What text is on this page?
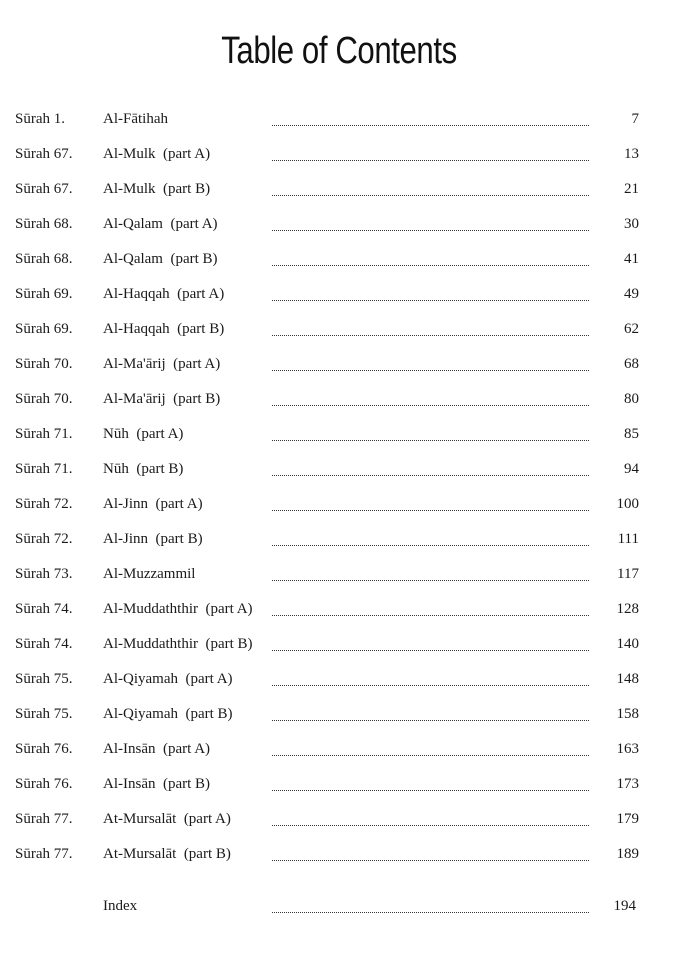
Table of Contents
Sūrah 1.	Al-Fātihah	7
Sūrah 67. Al-Mulk  (part A)	13
Sūrah 67. Al-Mulk  (part B)	21
Sūrah 68. Al-Qalam  (part A)	30
Sūrah 68. Al-Qalam  (part B)	41
Sūrah 69. Al-Haqqah  (part A)	49
Sūrah 69. Al-Haqqah  (part B)	62
Sūrah 70. Al-Ma'ārij  (part A)	68
Sūrah 70. Al-Ma'ārij  (part B)	80
Sūrah 71. Nūh  (part A)	85
Sūrah 71. Nūh  (part B)	94
Sūrah 72. Al-Jinn  (part A)	100
Sūrah 72. Al-Jinn  (part B)	111
Sūrah 73. Al-Muzzammil	117
Sūrah 74. Al-Muddaththir  (part A)	128
Sūrah 74. Al-Muddaththir  (part B)	140
Sūrah 75. Al-Qiyamah  (part A)	148
Sūrah 75. Al-Qiyamah  (part B)	158
Sūrah 76. Al-Insān  (part A)	163
Sūrah 76. Al-Insān  (part B)	173
Sūrah 77. At-Mursalāt  (part A)	179
Sūrah 77. At-Mursalāt  (part B)	189
Index	194
